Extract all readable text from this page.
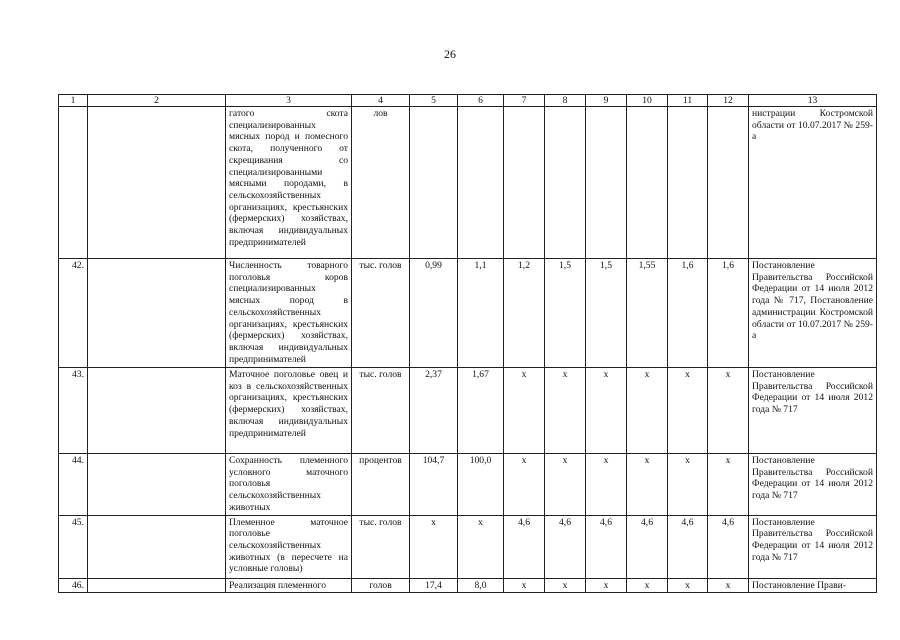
26
1	2	3	4	5	6	7	8	9	10	11	12	13
		гатого скота специализированных мясных пород и помесного скота, полученного от скрещивания со специализированными мясными породами, в сельскохозяйственных организациях, крестьянских (фермерских) хозяйствах, включая индивидуальных предпринимателей	лов									нистрации Костромской области от 10.07.2017 № 259-а
42.		Численность товарного поголовья коров специализированных мясных пород в сельскохозяйственных организациях, крестьянских (фермерских) хозяйствах, включая индивидуальных предпринимателей	тыс. голов	0,99	1,1	1,2	1,5	1,5	1,55	1,6	1,6	Постановление Правительства Российской Федерации от 14 июля 2012 года № 717, Постановление администрации Костромской области от 10.07.2017 № 259-а
43.		Маточное поголовье овец и коз в сельскохозяйственных организациях, крестьянских (фермерских) хозяйствах, включая индивидуальных предпринимателей	тыс. голов	2,37	1,67	х	х	х	х	х	х	Постановление Правительства Российской Федерации от 14 июля 2012 года № 717
44.		Сохранность племенного условного маточного поголовья сельскохозяйственных животных	процентов	104,7	100,0	х	х	х	х	х	х	Постановление Правительства Российской Федерации от 14 июля 2012 года № 717
45.		Племенное маточное поголовье сельскохозяйственных животных (в пересчете на условные головы)	тыс. голов	х	х	4,6	4,6	4,6	4,6	4,6	4,6	Постановление Правительства Российской Федерации от 14 июля 2012 года № 717
46.		Реализация племенного	голов	17,4	8,0	х	х	х	х	х	х	Постановление Прави-
